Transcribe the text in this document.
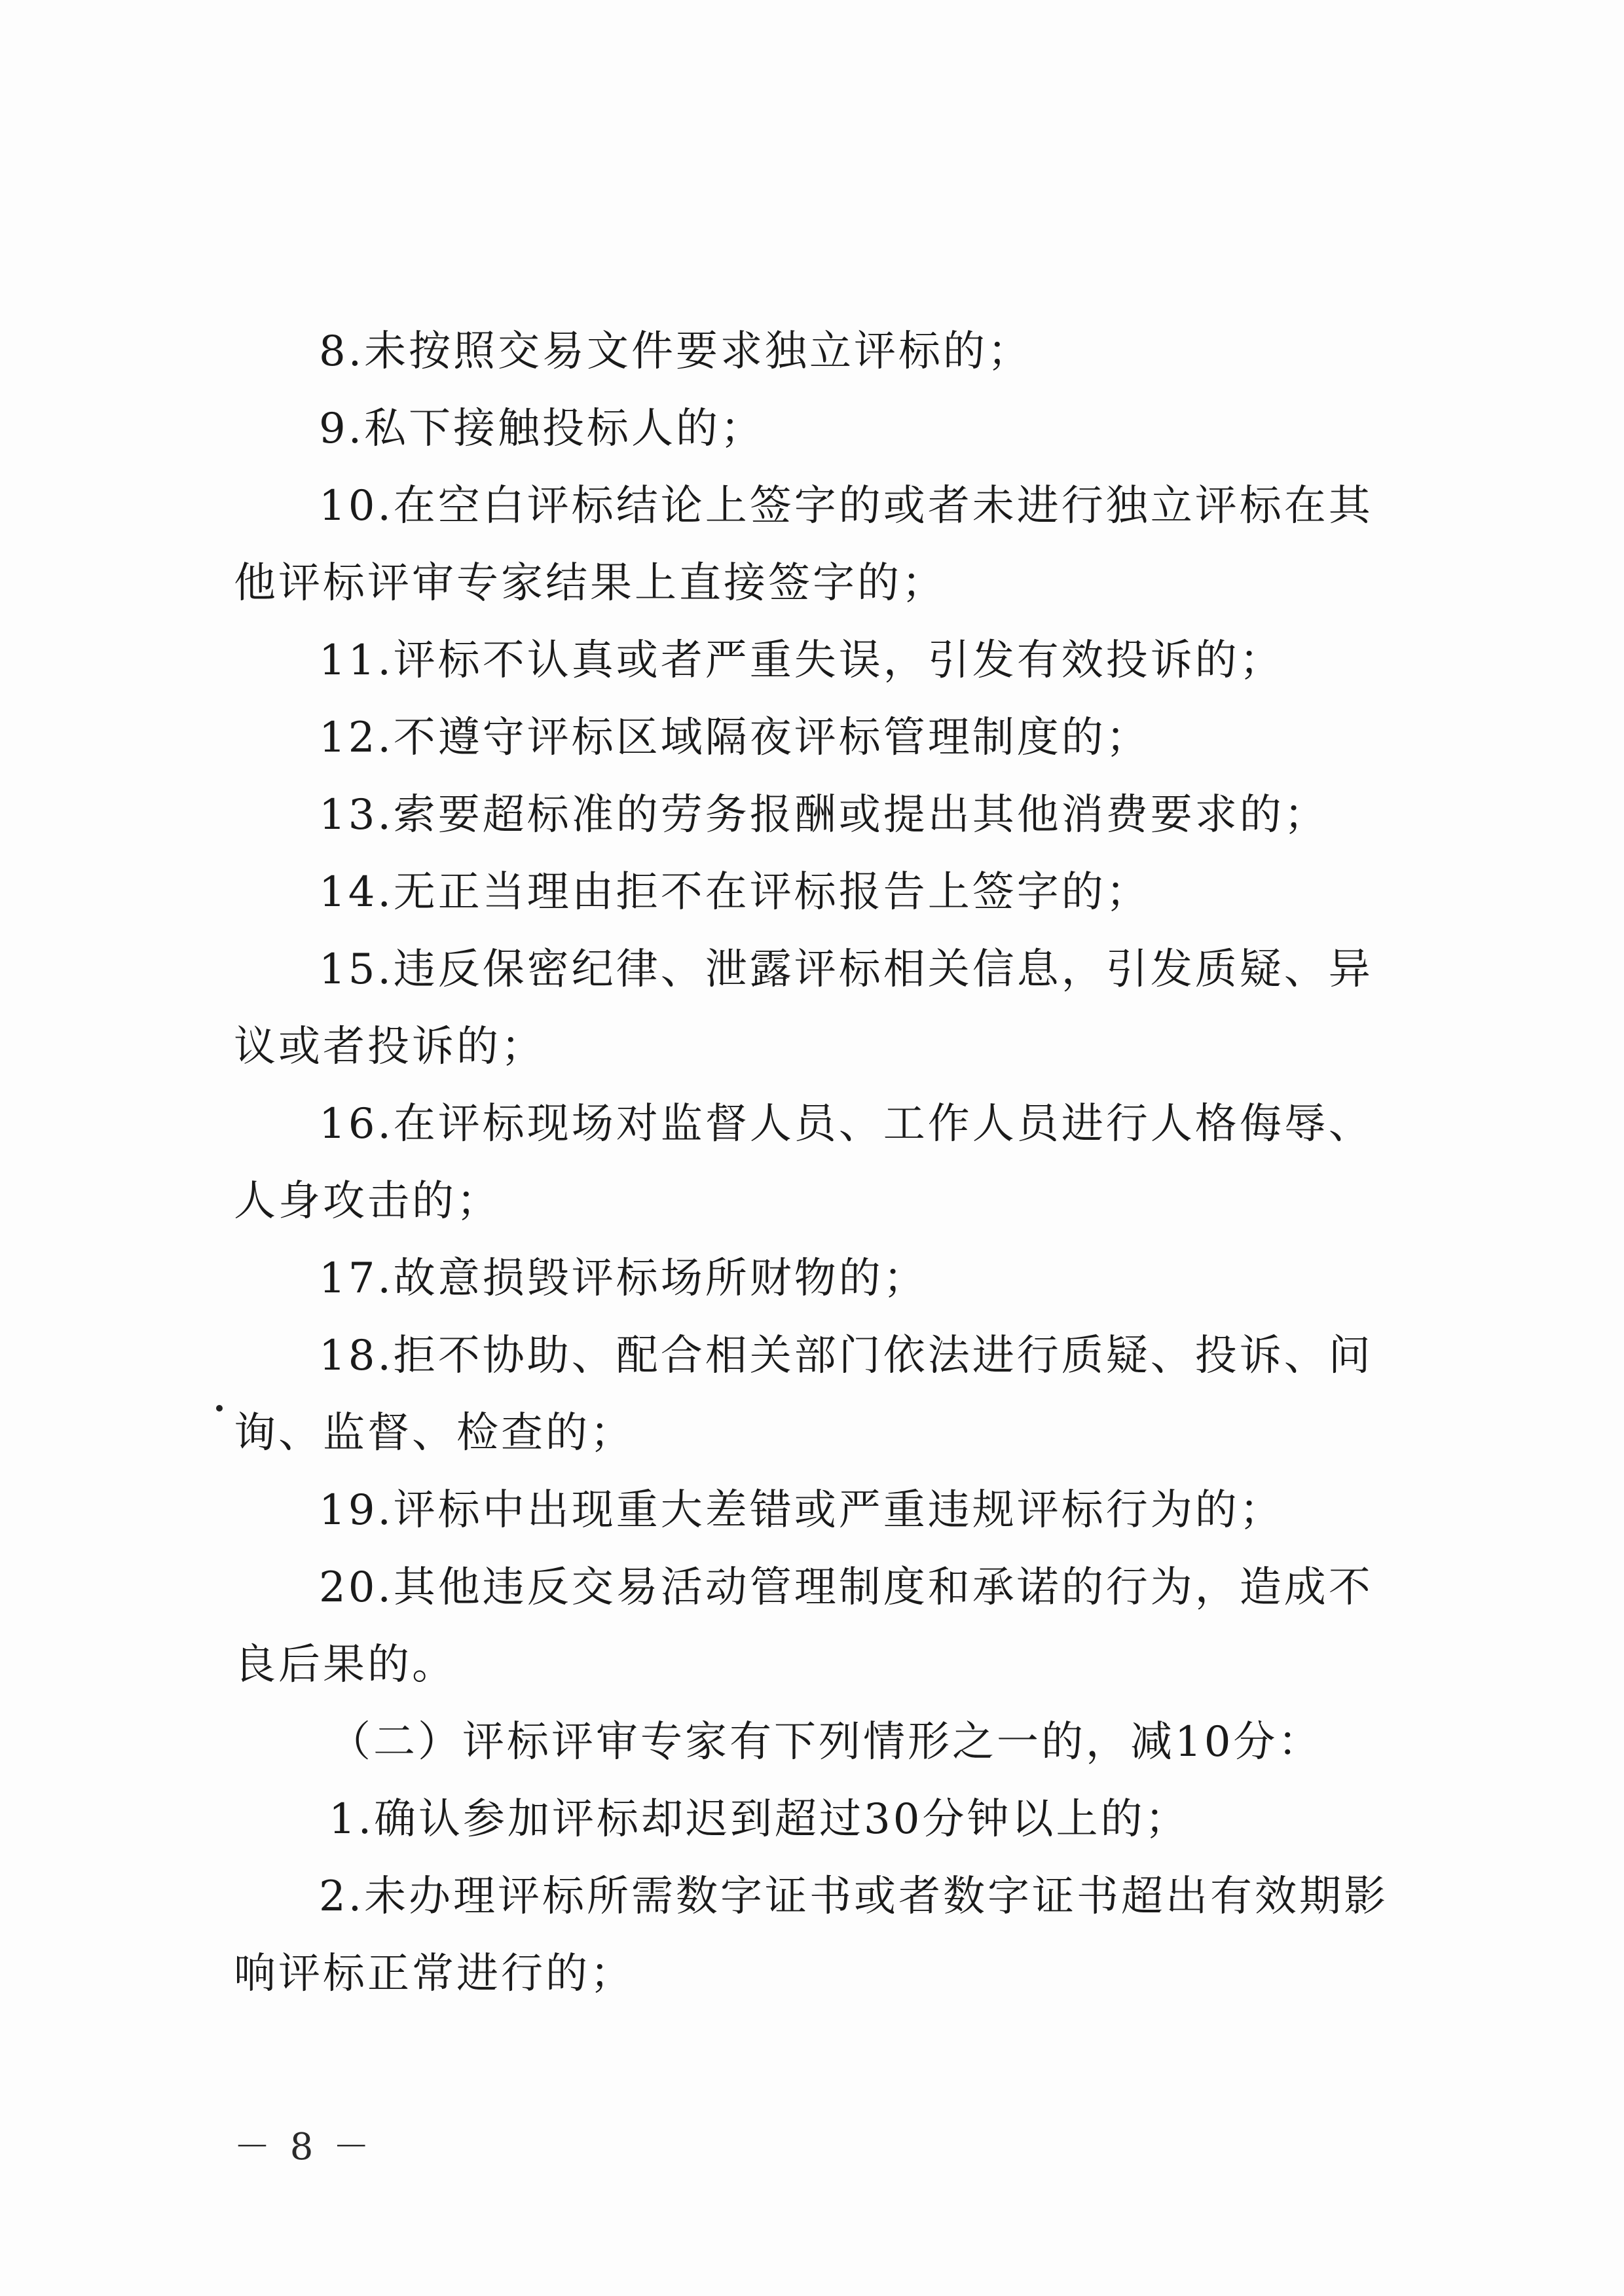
8.未按照交易文件要求独立评标的；

9.私下接触投标人的；

10.在空白评标结论上签字的或者未进行独立评标在其他评标评审专家结果上直接签字的；

11.评标不认真或者严重失误，引发有效投诉的；

12.不遵守评标区域隔夜评标管理制度的；

13.索要超标准的劳务报酬或提出其他消费要求的；

14.无正当理由拒不在评标报告上签字的；

15.违反保密纪律、泄露评标相关信息，引发质疑、异议或者投诉的；

16.在评标现场对监督人员、工作人员进行人格侮辱、人身攻击的；

17.故意损毁评标场所财物的；

18.拒不协助、配合相关部门依法进行质疑、投诉、问询、监督、检查的；

19.评标中出现重大差错或严重违规评标行为的；

20.其他违反交易活动管理制度和承诺的行为，造成不良后果的。

（二）评标评审专家有下列情形之一的，减10分：

1.确认参加评标却迟到超过30分钟以上的；

2.未办理评标所需数字证书或者数字证书超出有效期影响评标正常进行的；

－ 8 －
